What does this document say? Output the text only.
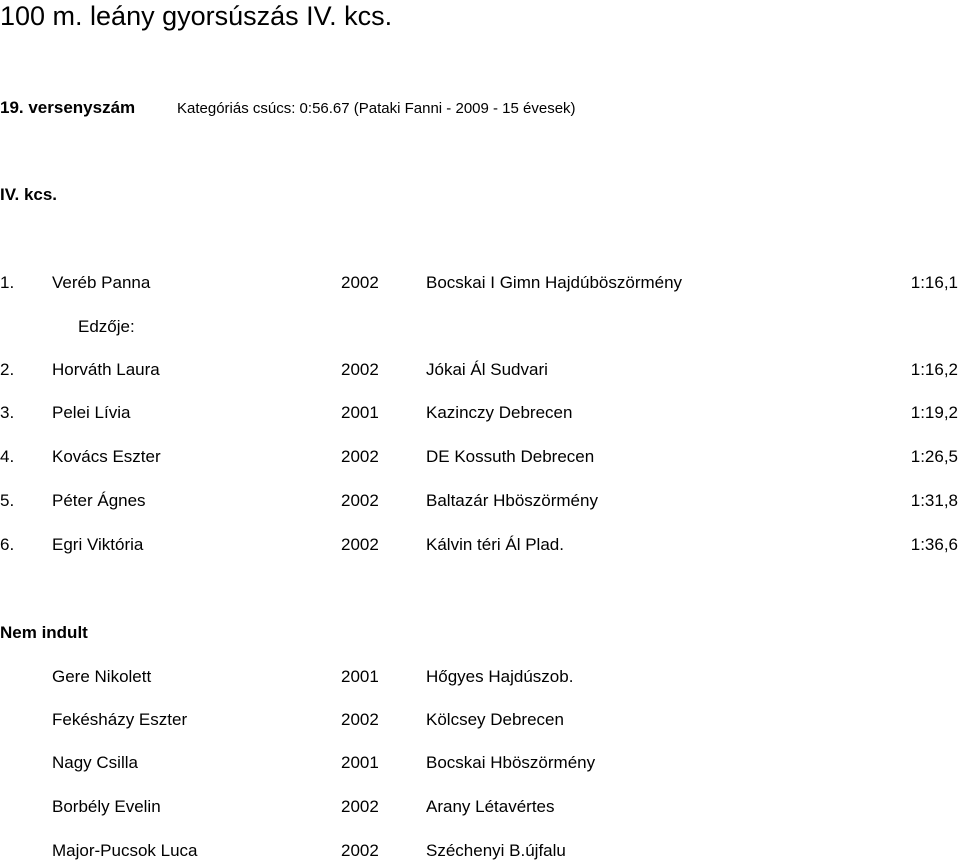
100 m. leány gyorsúszás IV. kcs.
19. versenyszám	Kategóriás csúcs: 0:56.67 (Pataki Fanni - 2009 - 15 évesek)
IV. kcs.
1. Veréb Panna	2002	Bocskai I Gimn Hajdúböszörmény	1:16,1
Edzője:
2. Horváth Laura	2002	Jókai Ál Sudvari	1:16,2
3. Pelei Lívia	2001	Kazinczy Debrecen	1:19,2
4. Kovács Eszter	2002	DE Kossuth Debrecen	1:26,5
5. Péter Ágnes	2002	Baltazár Hböszörmény	1:31,8
6. Egri Viktória	2002	Kálvin téri Ál Plad.	1:36,6
Nem indult
Gere Nikolett	2001	Hőgyes Hajdúszob.
Fekésházy Eszter	2002	Kölcsey Debrecen
Nagy Csilla	2001	Bocskai Hböszörmény
Borbély Evelin	2002	Arany Létavértes
Major-Pucsok Luca	2002	Széchenyi B.újfalu
